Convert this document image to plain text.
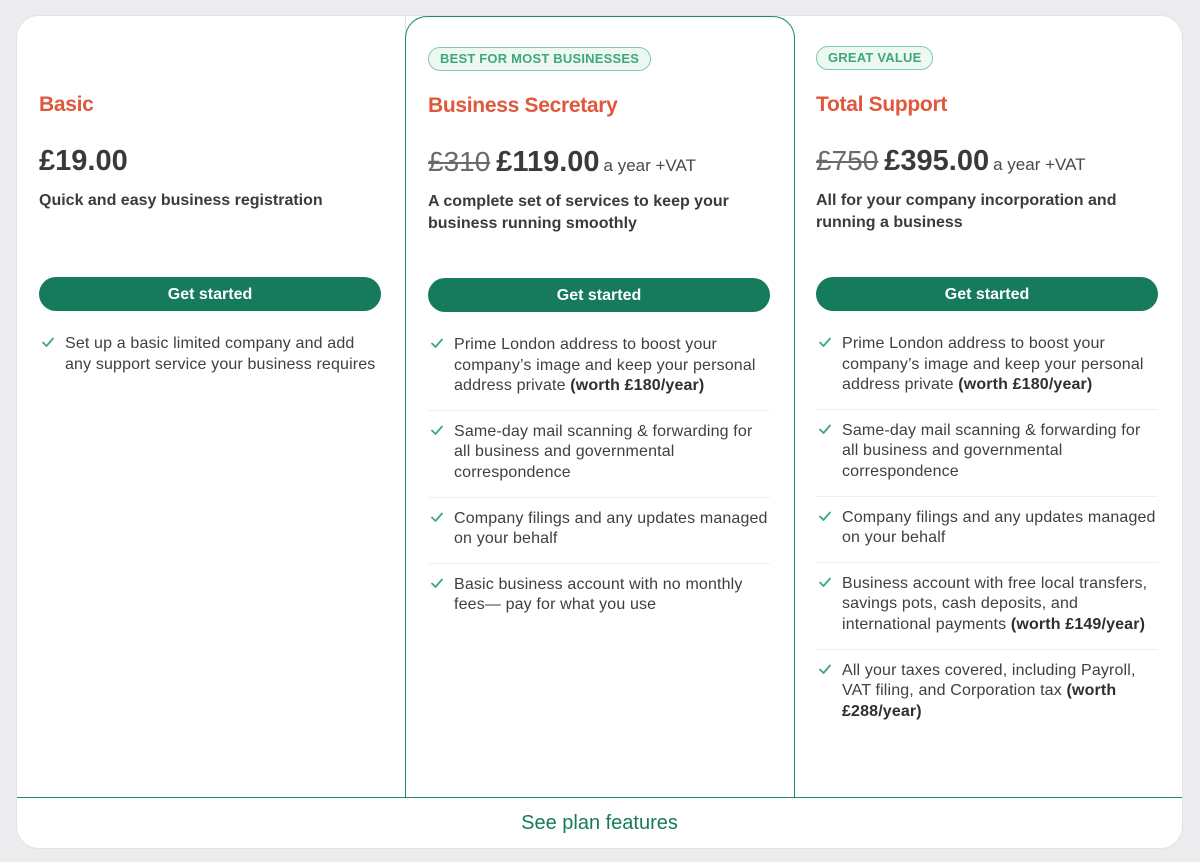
Basic
£19.00
Quick and easy business registration
Get started
Set up a basic limited company and add any support service your business requires
BEST FOR MOST BUSINESSES
Business Secretary
£310 £119.00 a year +VAT
A complete set of services to keep your business running smoothly
Get started
Prime London address to boost your company’s image and keep your personal address private (worth £180/year)
Same-day mail scanning & forwarding for all business and governmental correspondence
Company filings and any updates managed on your behalf
Basic business account with no monthly fees— pay for what you use
GREAT VALUE
Total Support
£750 £395.00 a year +VAT
All for your company incorporation and running a business
Get started
Prime London address to boost your company’s image and keep your personal address private (worth £180/year)
Same-day mail scanning & forwarding for all business and governmental correspondence
Company filings and any updates managed on your behalf
Business account with free local transfers, savings pots, cash deposits, and international payments (worth £149/year)
All your taxes covered, including Payroll, VAT filing, and Corporation tax (worth £288/year)
See plan features
